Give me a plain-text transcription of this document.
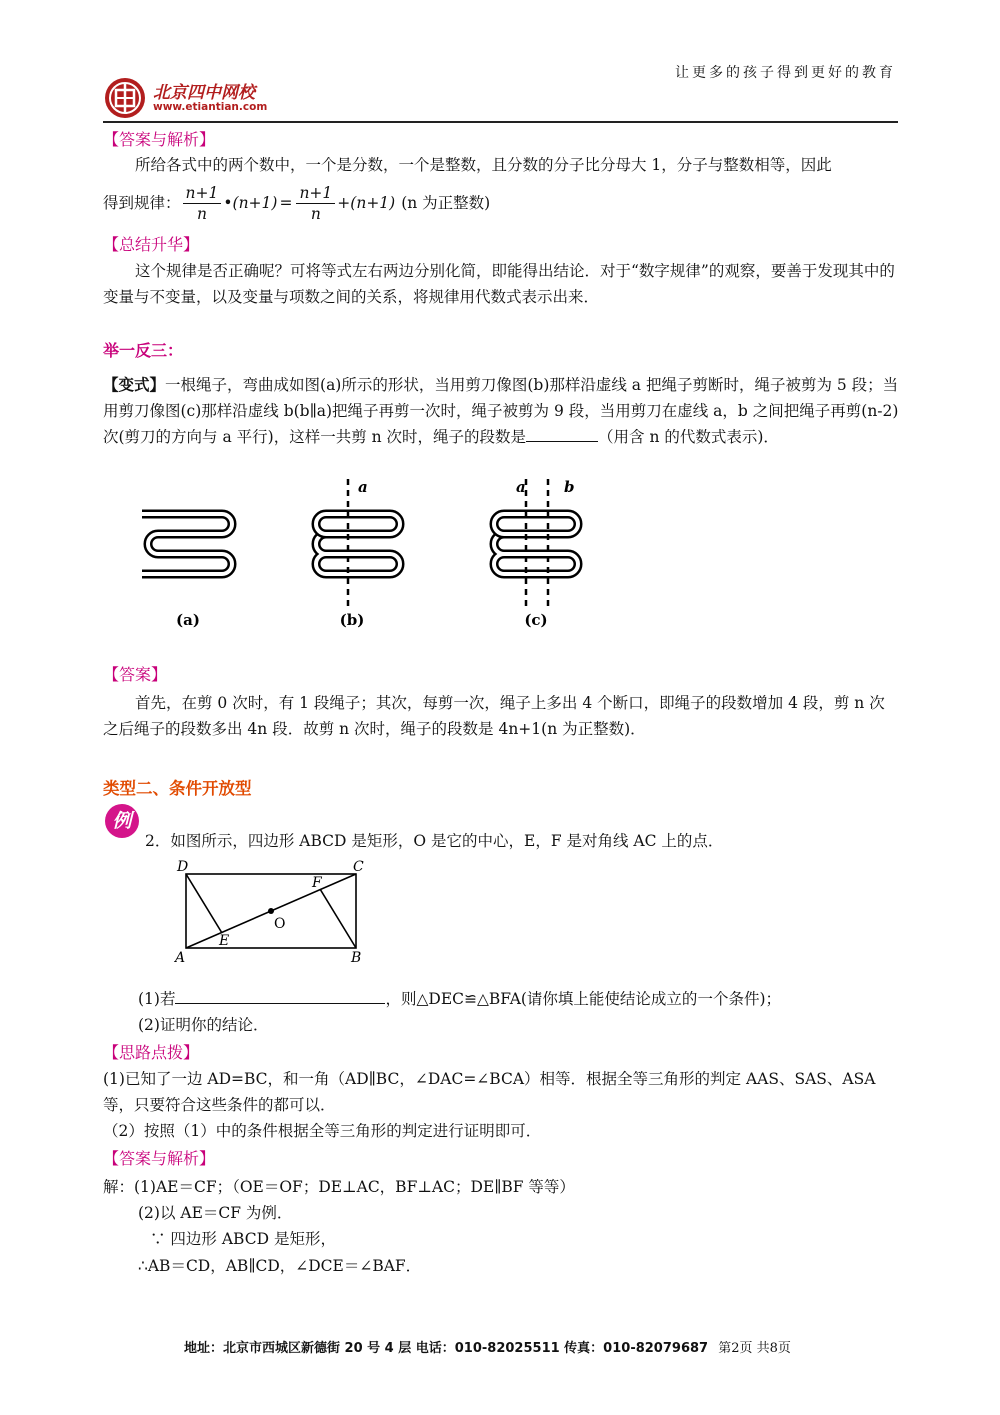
让更多的孩子得到更好的教育
北京四中网校
www.etiantian.com
【答案与解析】

所给各式中的两个数中，一个是分数，一个是整数，且分数的分子比分母大 1，分子与整数相等，因此

得到规律： $\frac{n+1}{n}$ • $(n+1) = \frac{n+1}{n} +(n+1)$ (n 为正整数)
【总结升华】

这个规律是否正确呢？可将等式左右两边分别化简，即能得出结论．对于“数字规律”的观察，要善于发现其中的变量与不变量，以及变量与项数之间的关系，将规律用代数式表示出来．

举一反三：

【变式】一根绳子，弯曲成如图(a)所示的形状，当用剪刀像图(b)那样沿虚线 a 把绳子剪断时，绳子被剪为 5 段；当用剪刀像图(c)那样沿虚线 b(b∥a)把绳子再剪一次时，绳子被剪为 9 段，当用剪刀在虚线 a，b 之间把绳子再剪(n-2)次(剪刀的方向与 a 平行)，这样一共剪 n 次时，绳子的段数是	（用含 n 的代数式表示)．

(a)
a
(b)
a	b
(c)
【答案】

首先，在剪 0 次时，有 1 段绳子；其次，每剪一次，绳子上多出 4 个断口，即绳子的段数增加 4 段，剪 n 次之后绳子的段数多出 4n 段．故剪 n 次时，绳子的段数是 4n+1(n 为正整数)．

类型二、条件开放型
例

2．如图所示，四边形 ABCD 是矩形，O 是它的中心，E，F 是对角线 AC 上的点．

D	C
A	B
E
F
O

(1)若	，则△DEC≌△BFA(请你填上能使结论成立的一个条件)；

(2)证明你的结论．

【思路点拨】

(1)已知了一边 AD=BC，和一角（AD∥BC，∠DAC=∠BCA）相等．根据全等三角形的判定 AAS、SAS、ASA 等，只要符合这些条件的都可以．

（2）按照（1）中的条件根据全等三角形的判定进行证明即可．

【答案与解析】

解：(1)AE＝CF；（OE＝OF；DE⊥AC，BF⊥AC；DE∥BF 等等）

(2)以 AE＝CF 为例．

∵ 四边形 ABCD 是矩形，

∴AB＝CD，AB∥CD，∠DCE＝∠BAF．

地址：北京市西城区新德街 20 号 4 层 电话：010-82025511 传真：010-82079687 第2页 共8页
